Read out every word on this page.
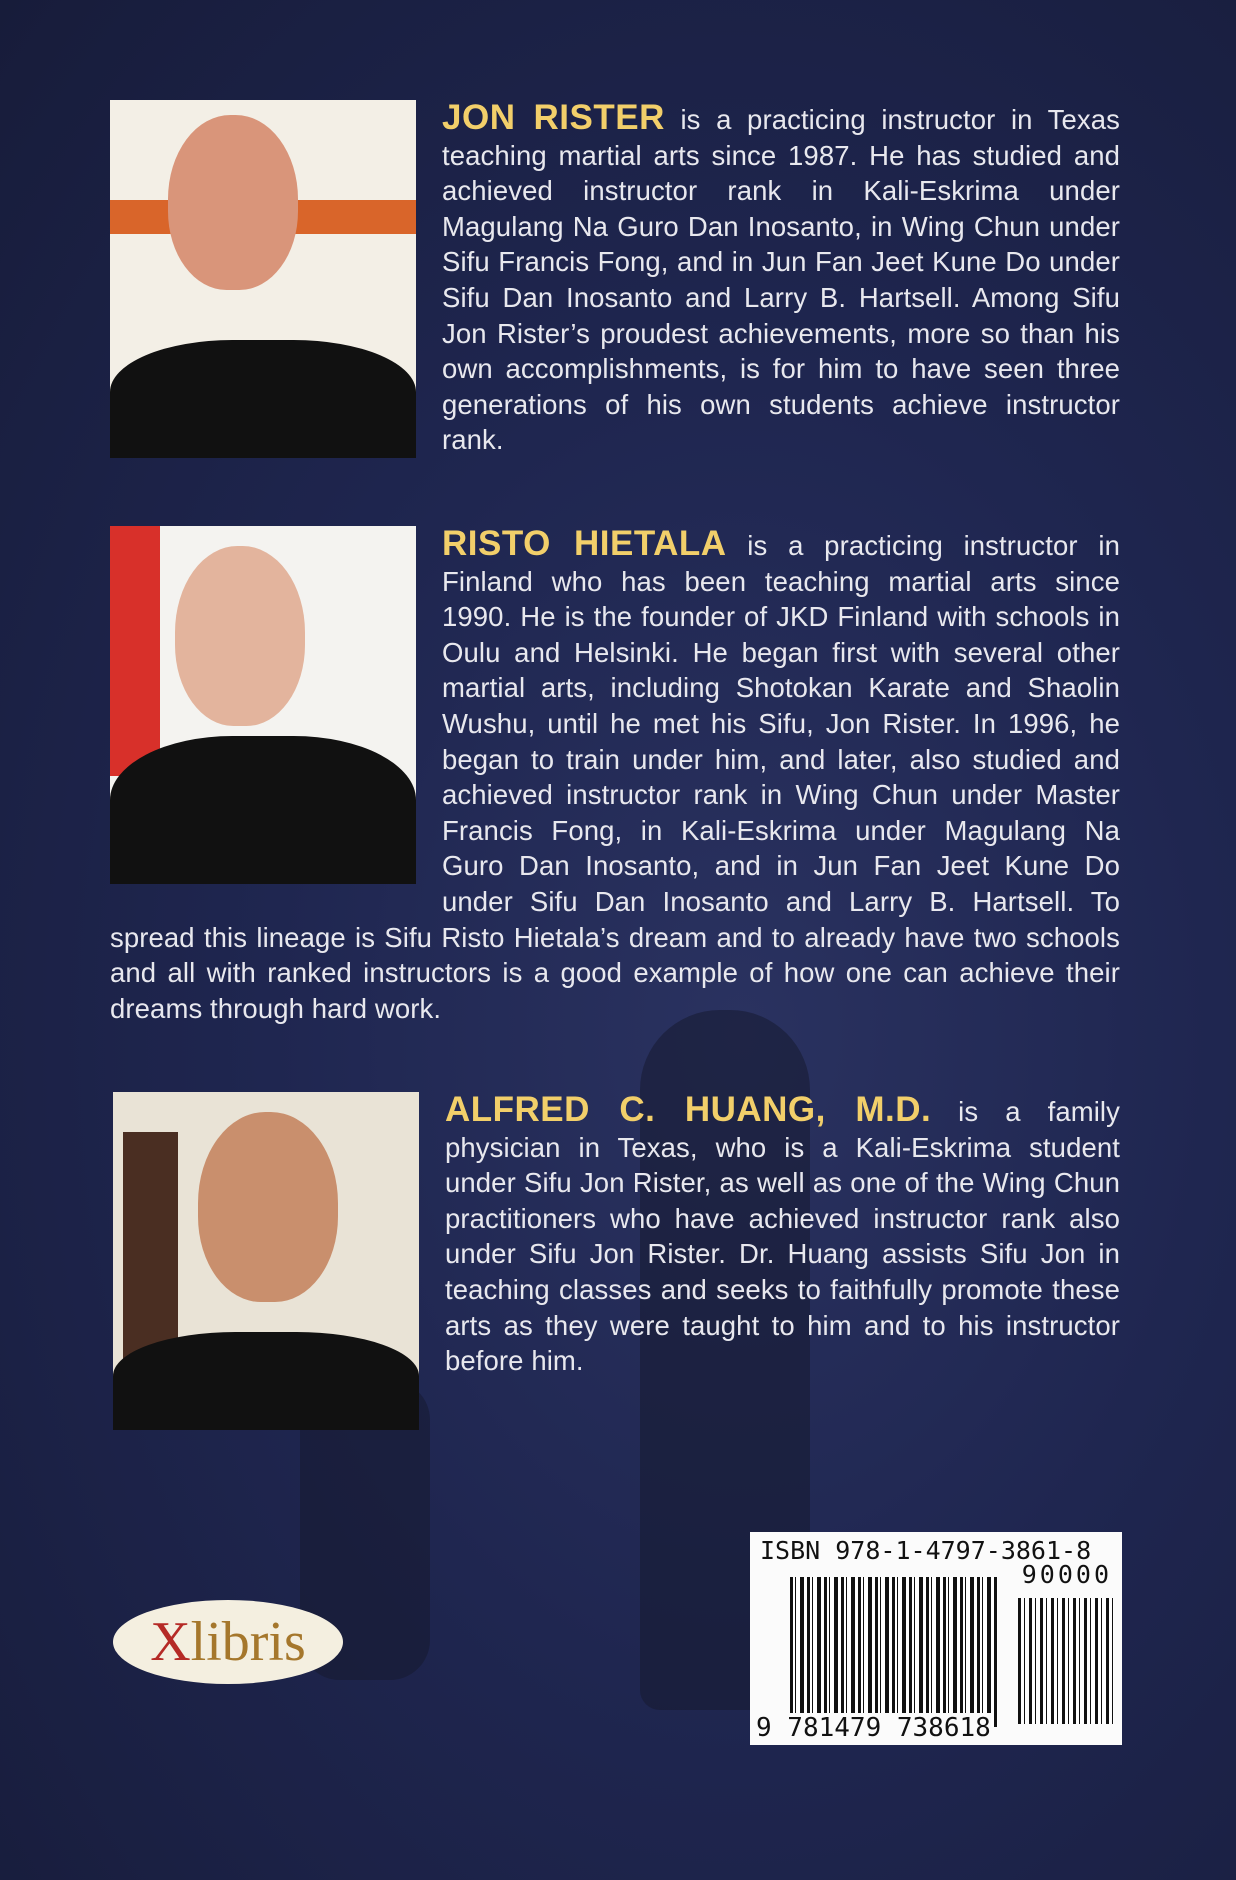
JON RISTER is a practicing instructor in Texas teaching martial arts since 1987. He has studied and achieved instructor rank in Kali-Eskrima under Magulang Na Guro Dan Inosanto, in Wing Chun under Sifu Francis Fong, and in Jun Fan Jeet Kune Do under Sifu Dan Inosanto and Larry B. Hartsell. Among Sifu Jon Rister’s proudest achievements, more so than his own accomplishments, is for him to have seen three generations of his own students achieve instructor rank.
RISTO HIETALA is a practicing instructor in Finland who has been teaching martial arts since 1990. He is the founder of JKD Finland with schools in Oulu and Helsinki. He began first with several other martial arts, including Shotokan Karate and Shaolin Wushu, until he met his Sifu, Jon Rister. In 1996, he began to train under him, and later, also studied and achieved instructor rank in Wing Chun under Master Francis Fong, in Kali-Eskrima under Magulang Na Guro Dan Inosanto, and in Jun Fan Jeet Kune Do under Sifu Dan Inosanto and Larry B. Hartsell. To spread this lineage is Sifu Risto Hietala’s dream and to already have two schools and all with ranked instructors is a good example of how one can achieve their dreams through hard work.
ALFRED C. HUANG, M.D. is a family physician in Texas, who is a Kali-Eskrima student under Sifu Jon Rister, as well as one of the Wing Chun practitioners who have achieved instructor rank also under Sifu Jon Rister. Dr. Huang assists Sifu Jon in teaching classes and seeks to faithfully promote these arts as they were taught to him and to his instructor before him.
Xlibris
ISBN 978-1-4797-3861-8
90000
9 781479 738618
